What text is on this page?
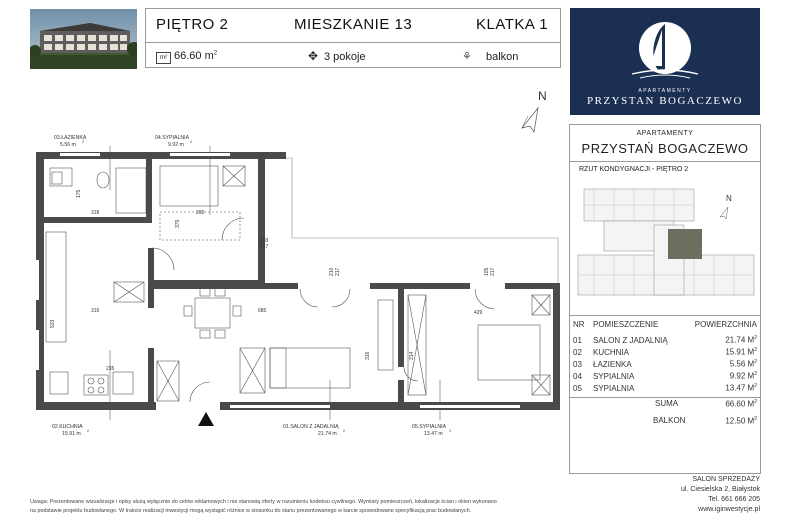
PIĘTRO 2	MIESZKANIE 13	KLATKA 1
m² 66.60 $m^2$	✥ 3 pokoje	⚘ balkon
APARTAMENTY
PRZYSTAN BOGACZEWO
N
03.ŁAZIENKA
5.56 m 2
04.SYPIALNIA
9.92 m 2
02.KUCHNIA
15.91 m 2
01.SALON Z JADALNIĄ
21.74 m 2
05.SYPIALNIA
13.47 m 2
175
318	265
375
103
217
533
316
235
685
210 217	105 217
429
316	314
APARTAMENTY
PRZYSTAŃ BOGACZEWO
RZUT KONDYGNACJI - PIĘTRO 2
N
NR	POMIESZCZENIE	POWIERZCHNIA

01	SALON Z JADALNIĄ	21.74 $M^2$
02	KUCHNIA	15.91 $M^2$
03	ŁAZIENKA	5.56 $M^2$
04	SYPIALNIA	9.92 $M^2$
05	SYPIALNIA	13.47 $M^2$
SUMA	66.60 $M^2$
BALKON	12.50 $M^2$
SALON SPRZEDAŻY
ul. Ciesielska 2, Białystok
Tel. 661 666 205
www.iginwestycje.pl
Uwaga: Prezentowane wizualizacje i opisy służą wyłącznie do celów reklamowych i nie stanowią oferty w rozumieniu kodeksu cywilnego. Wymiary pomieszczeń, lokalizacje ścian i okien wykonano
na podstawie projektu budowlanego. W trakcie realizacji inwestycji mogą wystąpić różnice w stosunku do stanu prezentowanego w karcie spowodowane specyfikacją prac budowlanych.
